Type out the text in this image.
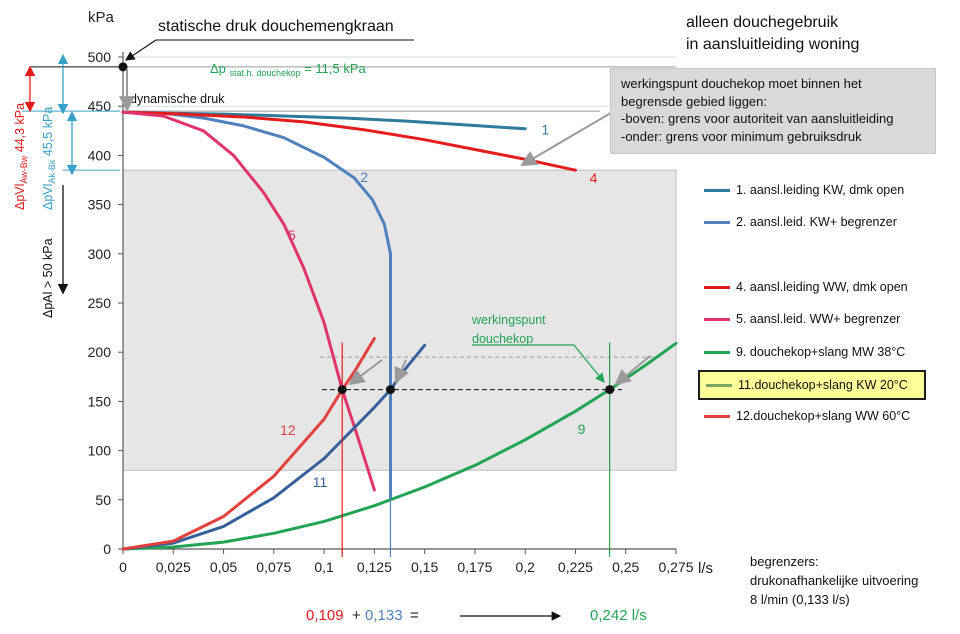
0
50
100
150
200
250
300
350
400
450
500
0 0,025 0,05 0,075 0,1 0,125 0,15 0,175 0,2 0,225 0,25 0,275
kPa
l/s
1
2	4
5
9
11
12
werkingspunt
douchekop
statische druk douchemengkraan
dynamische druk
Δp $_{stat.h. douchekop}$ = 11,5 kPa
ΔpVl$_{Aw-Bw}$ 44,3 kPa
ΔpVl$_{Ak-Bk}$ 45,5 kPa
ΔpAl > 50 kPa
alleen douchegebruik
in aansluitleiding woning
werkingspunt douchekop moet binnen het
begrensde gebied liggen:
-boven: grens voor autoriteit van aansluitleiding
-onder: grens voor minimum gebruiksdruk
1. aansl.leiding KW, dmk open
2. aansl.leid. KW+ begrenzer
4. aansl.leiding WW, dmk open
5. aansl.leid. WW+ begrenzer
9. douchekop+slang MW 38°C
11.douchekop+slang KW 20°C
12.douchekop+slang WW 60°C
begrenzers:
drukonafhankelijke uitvoering
8 l/min (0,133 l/s)
0,109 + 0,133 =	0,242 l/s
